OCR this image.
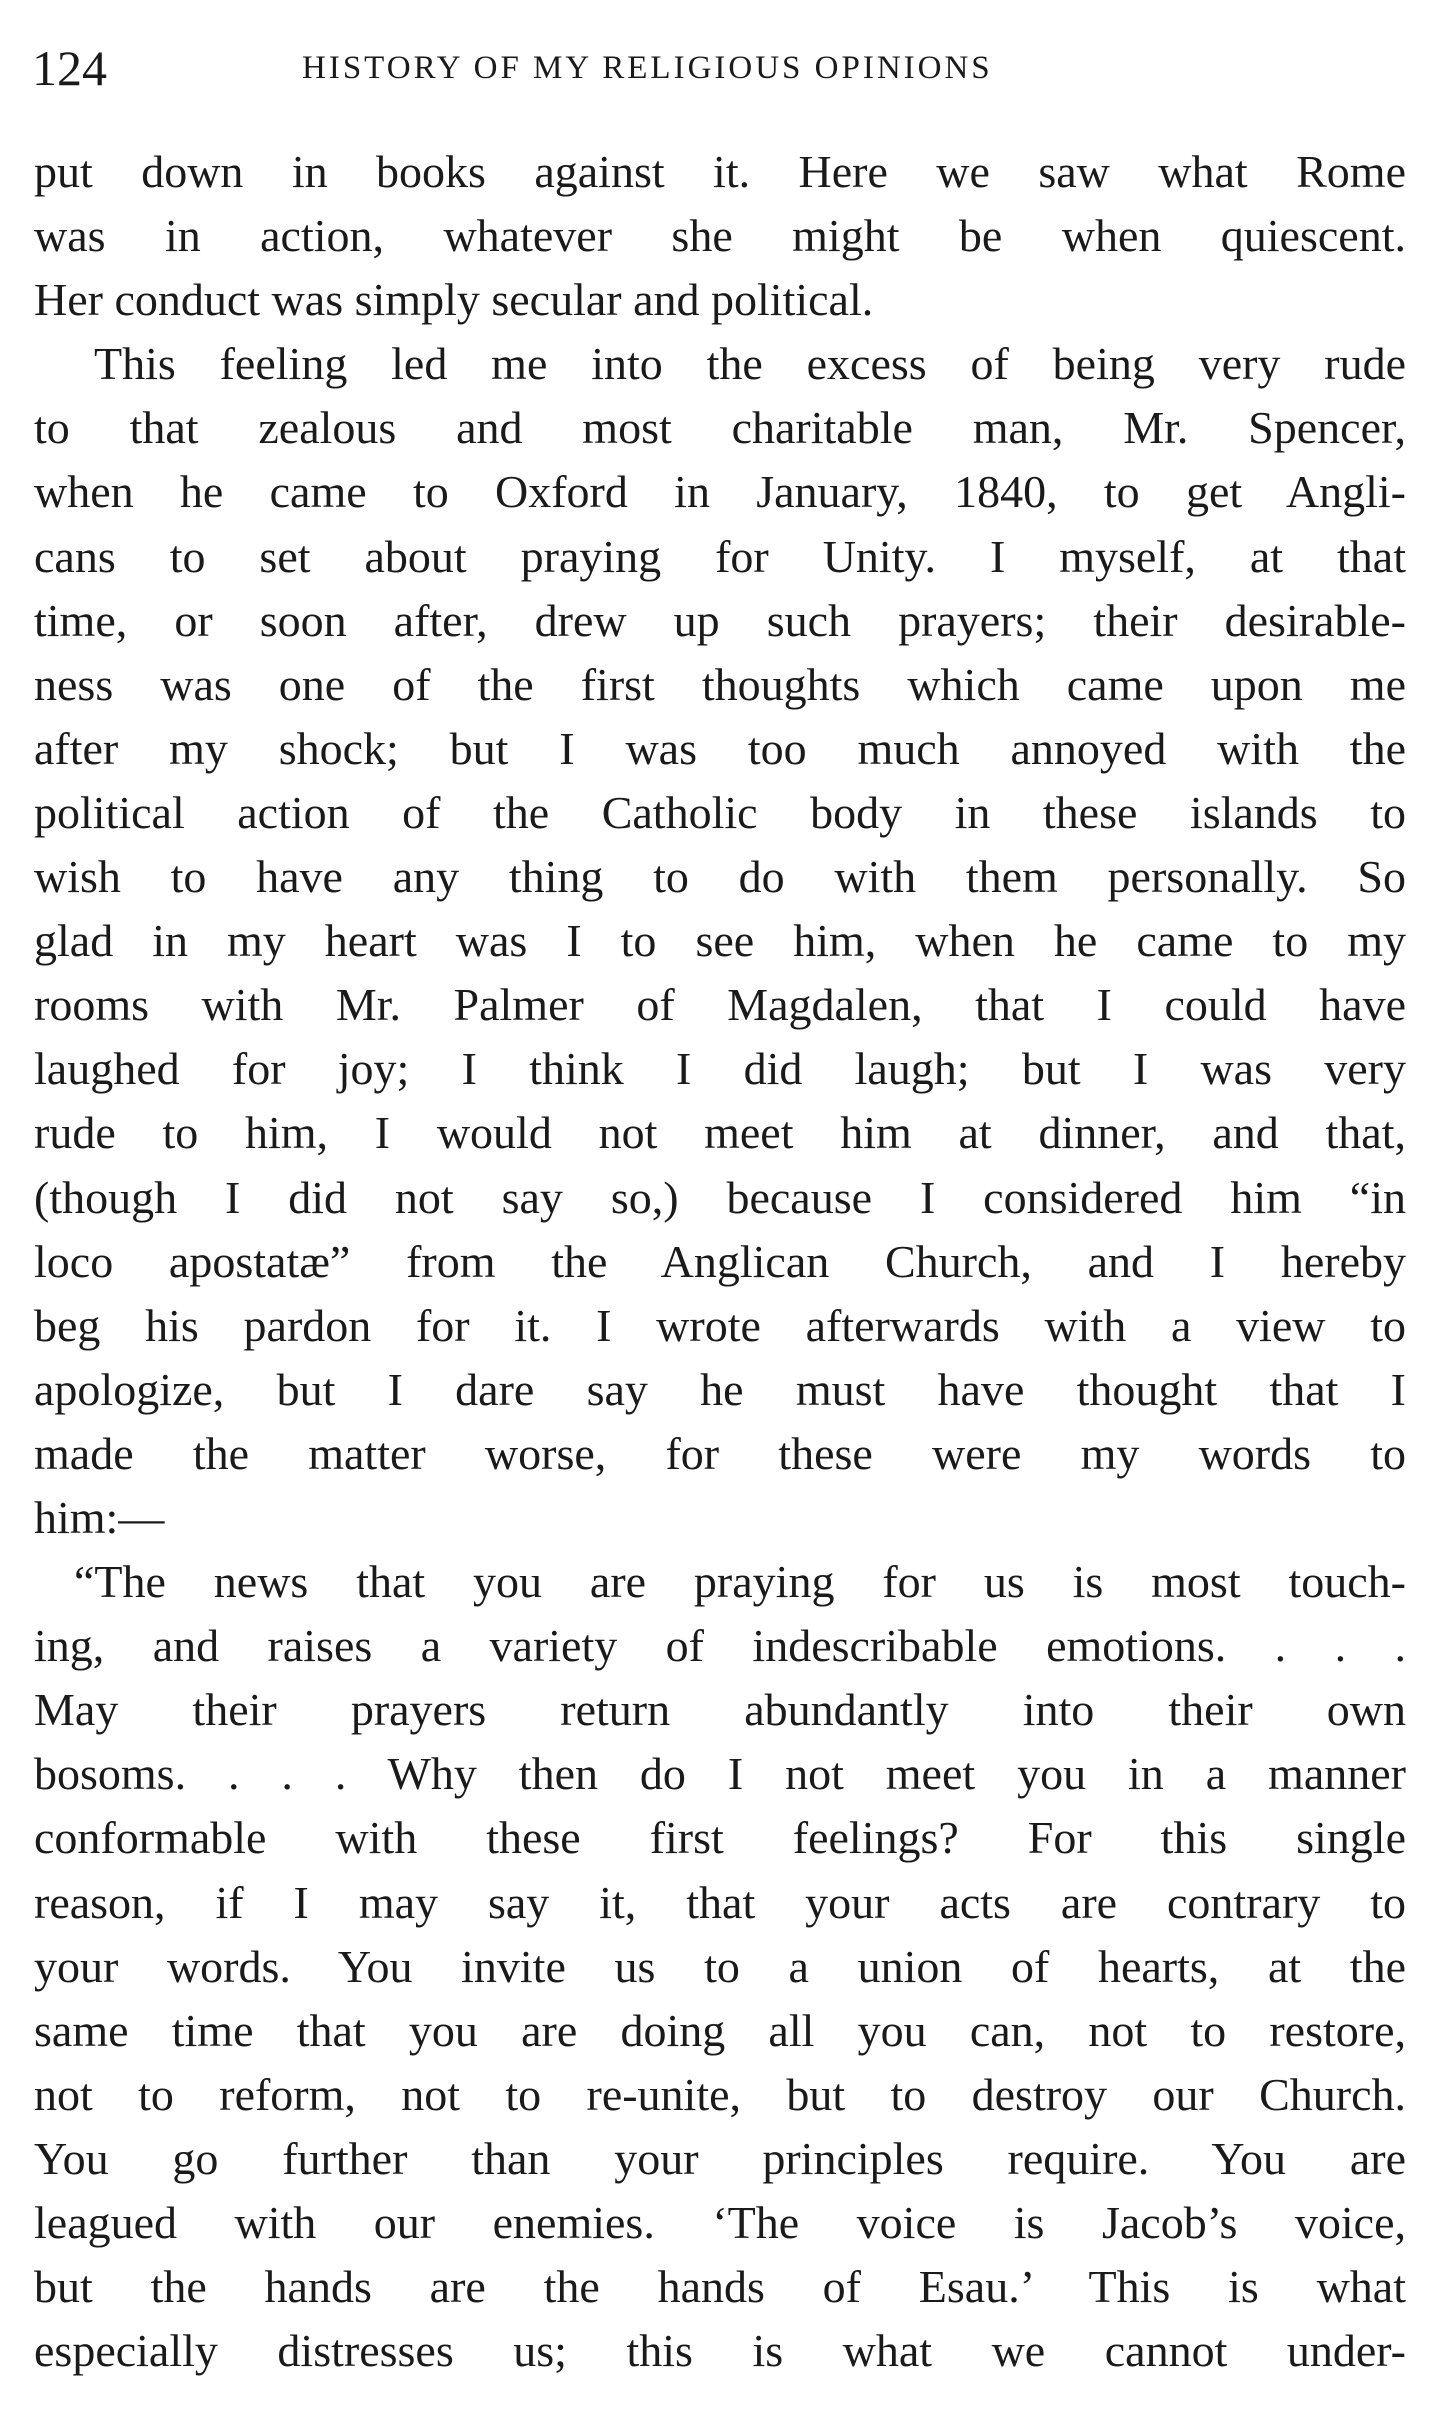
124	HISTORY OF MY RELIGIOUS OPINIONS
put down in books against it. Here we saw what Rome
was in action, whatever she might be when quiescent.
Her conduct was simply secular and political.
This feeling led me into the excess of being very rude
to that zealous and most charitable man, Mr. Spencer,
when he came to Oxford in January, 1840, to get Angli-
cans to set about praying for Unity. I myself, at that
time, or soon after, drew up such prayers; their desirable-
ness was one of the first thoughts which came upon me
after my shock; but I was too much annoyed with the
political action of the Catholic body in these islands to
wish to have any thing to do with them personally. So
glad in my heart was I to see him, when he came to my
rooms with Mr. Palmer of Magdalen, that I could have
laughed for joy; I think I did laugh; but I was very
rude to him, I would not meet him at dinner, and that,
(though I did not say so,) because I considered him “in
loco apostatæ” from the Anglican Church, and I hereby
beg his pardon for it. I wrote afterwards with a view to
apologize, but I dare say he must have thought that I
made the matter worse, for these were my words to
him:—
“The news that you are praying for us is most touch-
ing, and raises a variety of indescribable emotions. . . .
May their prayers return abundantly into their own
bosoms. . . . Why then do I not meet you in a manner
conformable with these first feelings? For this single
reason, if I may say it, that your acts are contrary to
your words. You invite us to a union of hearts, at the
same time that you are doing all you can, not to restore,
not to reform, not to re-unite, but to destroy our Church.
You go further than your principles require. You are
leagued with our enemies. ‘The voice is Jacob’s voice,
but the hands are the hands of Esau.’ This is what
especially distresses us; this is what we cannot under-
